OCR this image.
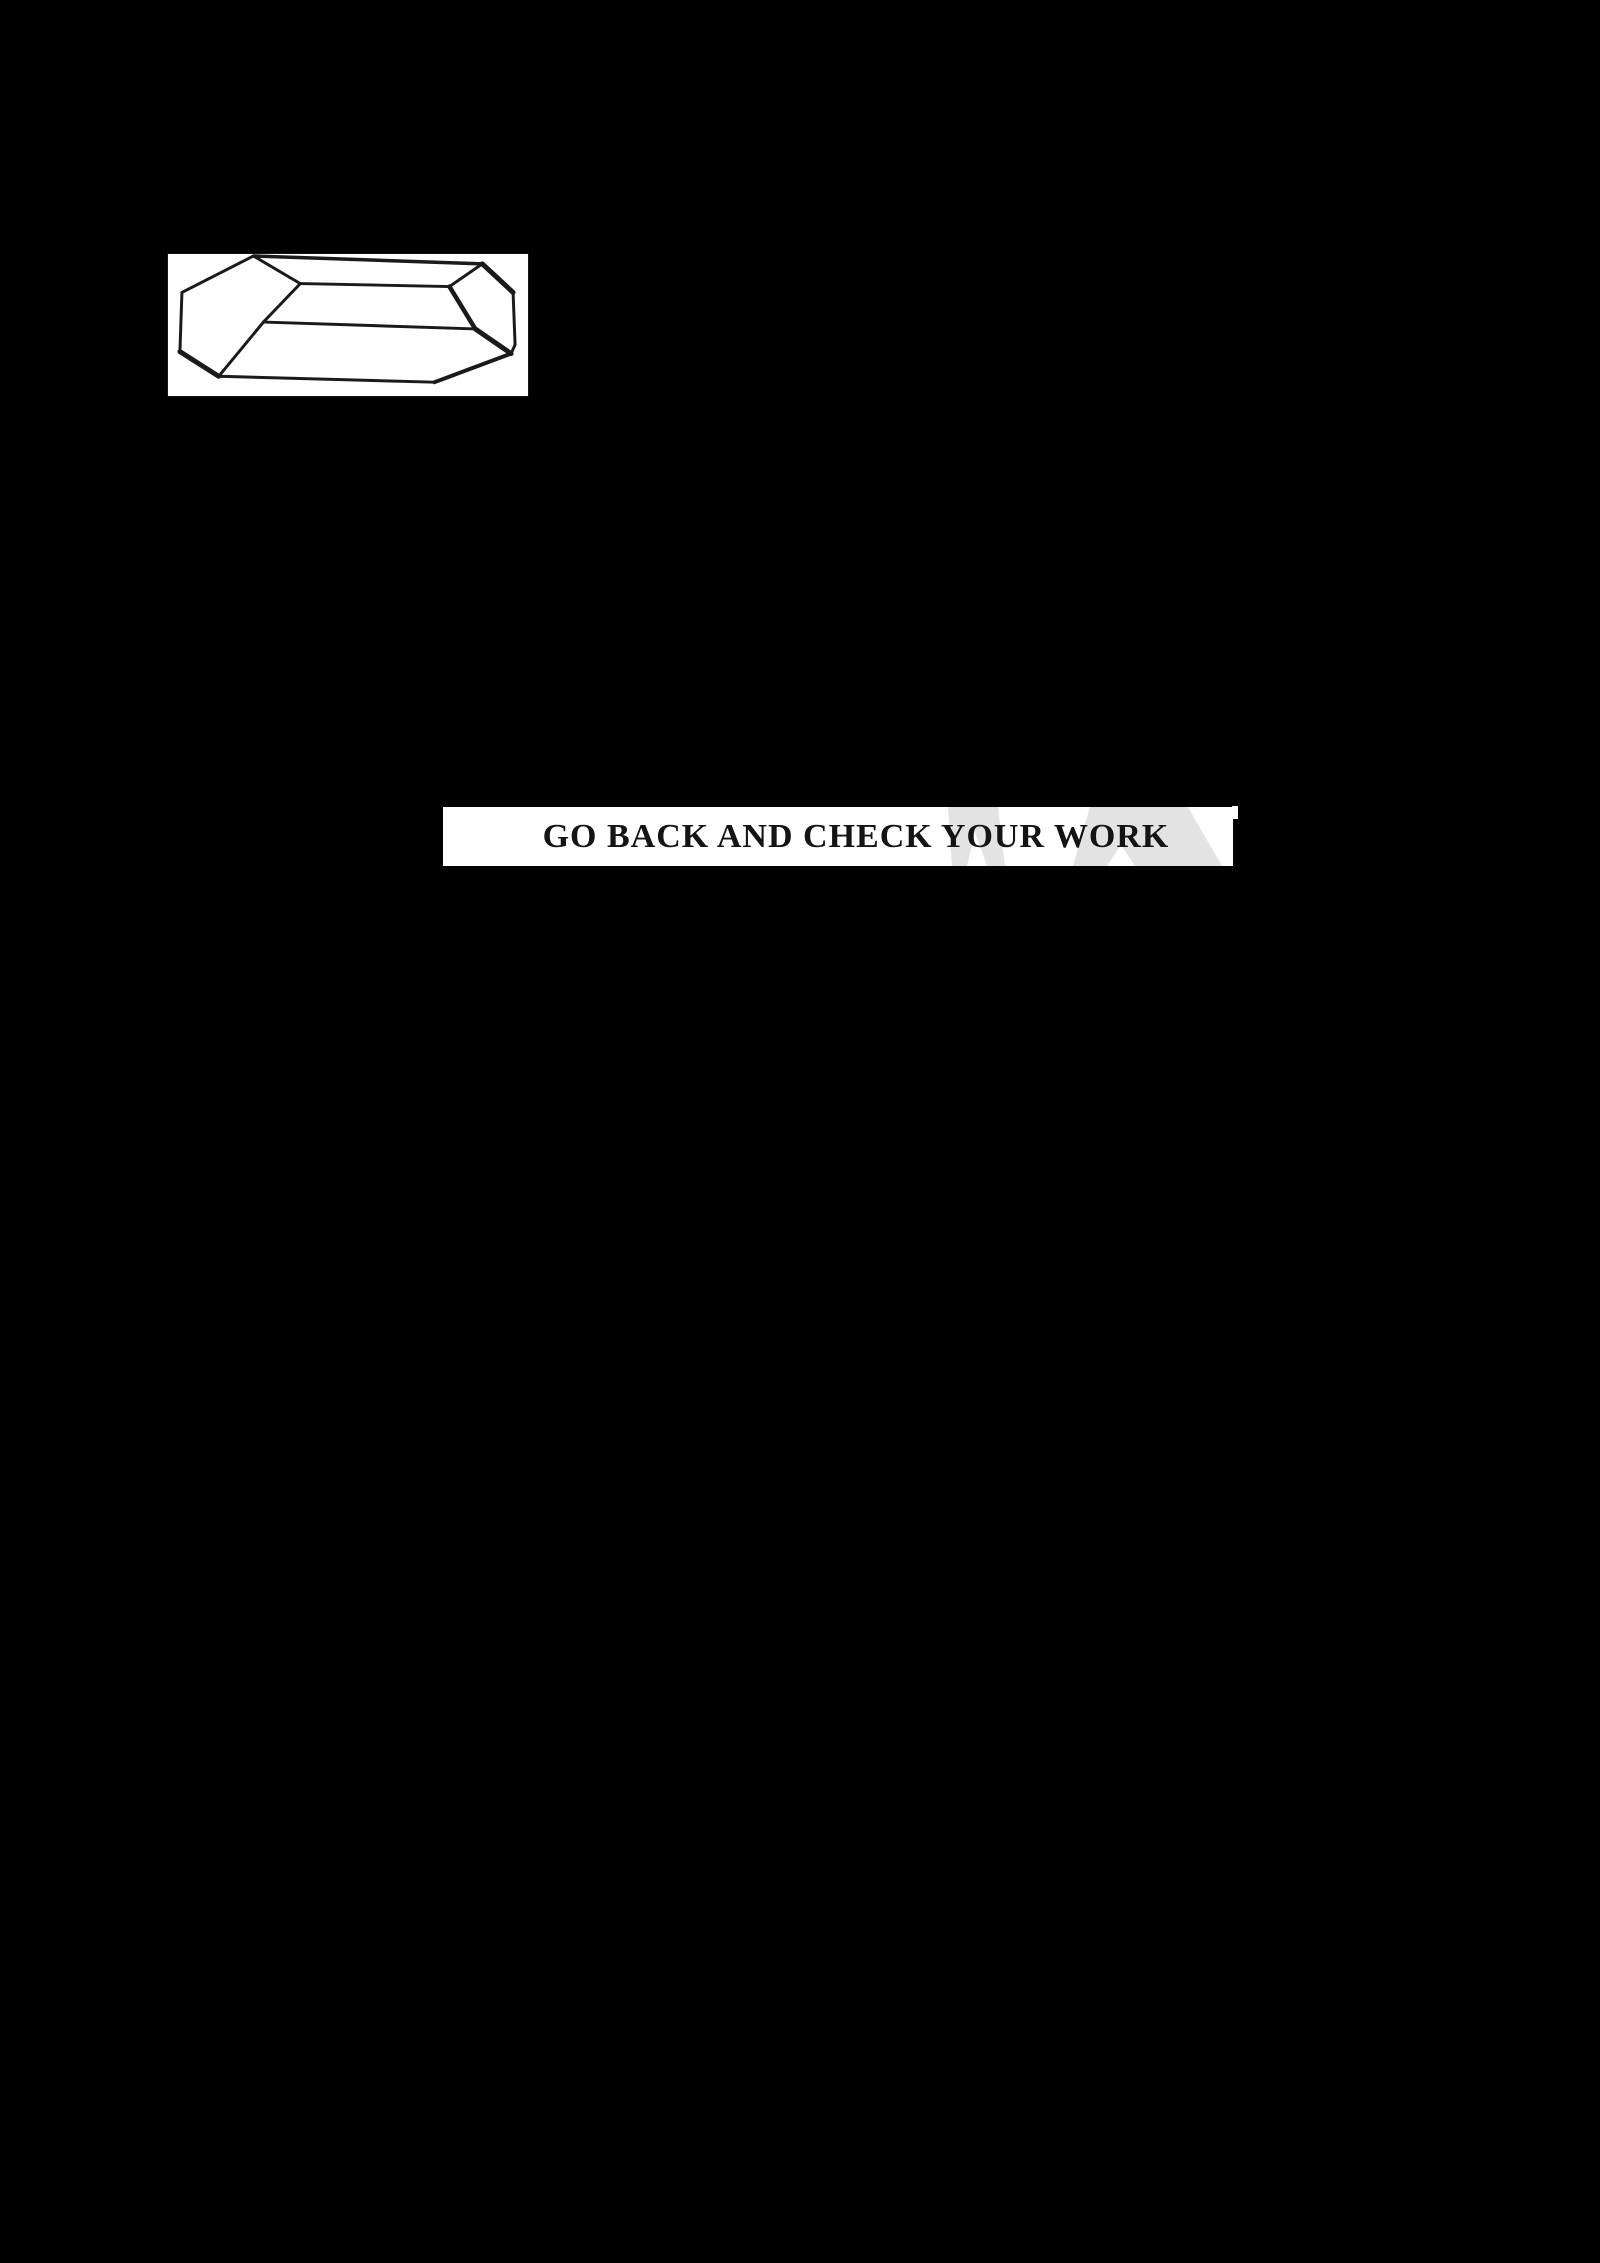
GO BACK AND CHECK YOUR WORK
